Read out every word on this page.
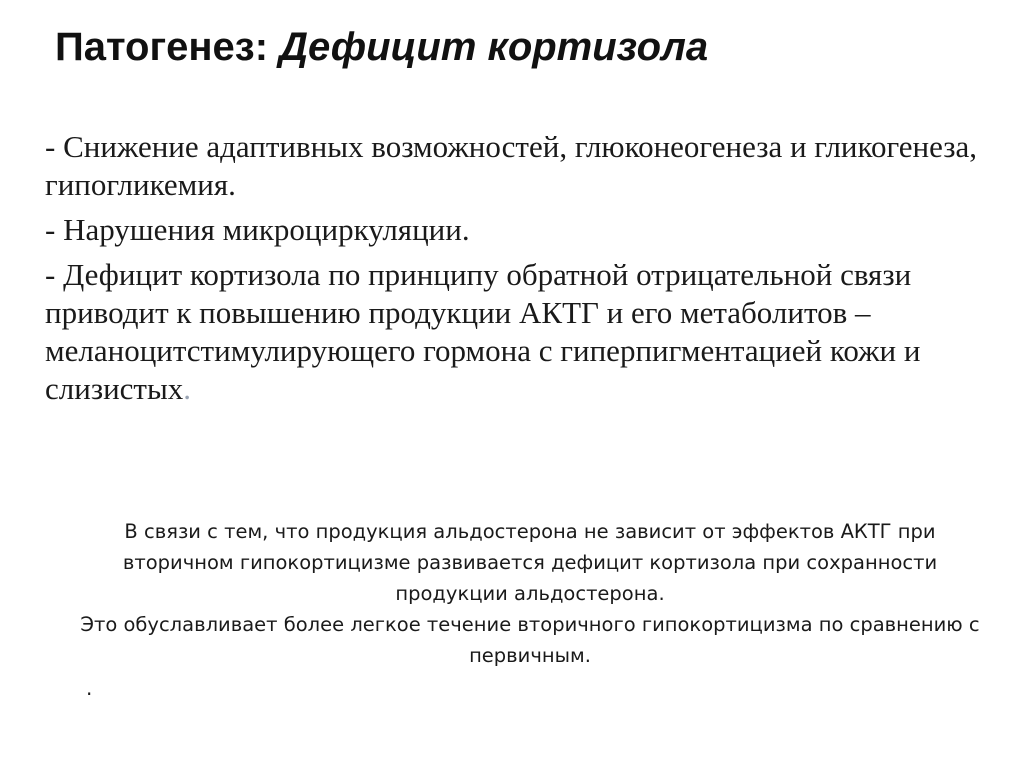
Патогенез: Дефицит кортизола
- Снижение адаптивных возможностей, глюконеогенеза и гликогенеза, гипогликемия.
- Нарушения микроциркуляции.
- Дефицит кортизола по принципу обратной отрицательной связи приводит к повышению продукции АКТГ и его метаболитов –меланоцитстимулирующего гормона с гиперпигментацией кожи и слизистых.

В связи с тем, что продукция альдостерона не зависит от эффектов АКТГ при вторичном гипокортицизме развивается дефицит кортизола при сохранности продукции альдостерона.

Это обуславливает более легкое течение вторичного гипокортицизма по сравнению с первичным.

.
